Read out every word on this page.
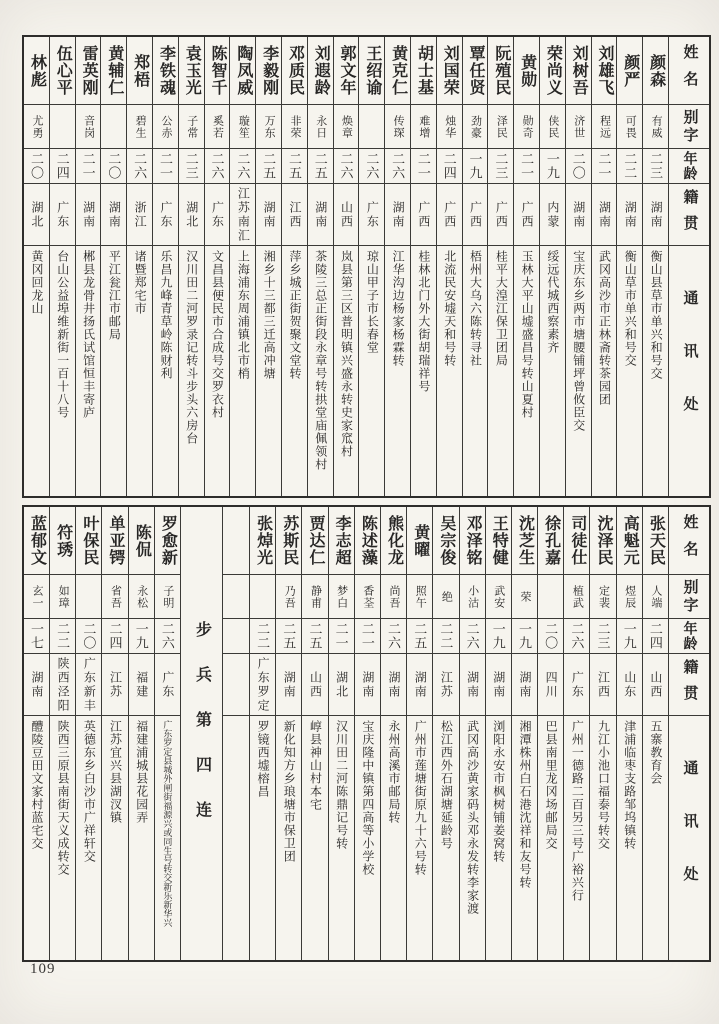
姓名
别字
年龄
籍贯
通讯处
颜森
有威
二三
湖南
衡山县草市单兴和号交
颜严
可畏
二二
湖南
衡山草市单兴和号交
刘雄飞
程远
二一
湖南
武冈高沙市正林斋转茶园团
刘树吾
济世
二〇
湖南
宝庆东乡两市塘腰铺坪曾攸臣交
荣尚义
侠民
一九
内蒙
绥远代城西察素齐
黄勋
勋奇
二一
广西
玉林大平山墟盛昌号转山夏村
阮殖民
泽民
二三
广西
桂平大湟江保卫团局
覃任贤
劲豪
一九
广西
梧州大乌六陈转寻社
刘国荣
烛华
二四
广西
北流民安墟天和号转
胡士基
难增
二一
广西
桂林北门外大街胡瑞祥号
黄克仁
传琛
二六
湖南
江华沟边杨家杨霖转
王绍谕
二六
广东
琼山甲子市长春堂
郭文年
焕章
二六
山西
岚县第三区普明镇兴盛永转史家窊村
刘遐龄
永日
二五
湖南
茶陵三总正街段永章号转拱堂庙佩领村
邓质民
非荣
二五
江西
萍乡城正街贺聚文堂转
李毅刚
万东
二五
湖南
湘乡十三都三迁高冲塘
陶凤威
璇笙
二六
江苏南汇
上海浦东周浦镇北市梢
陈智千
奚若
二六
广东
文昌县便民市合成号交罗衣村
袁玉光
子常
二三
湖北
汉川田二河罗录记转斗步头六房台
李铁魂
公赤
二一
广东
乐昌九峰青草岭陈财利
郑梧
碧生
二六
浙江
诸暨郑宅市
黄辅仁
二〇
湖南
平江瓮江市邮局
雷英刚
音岗
二一
湖南
郴县龙骨井扬氏试馆恒丰寄庐
伍心平
二四
广东
台山公益埠维新街一百十八号
林彪
尤勇
二〇
湖北
黄冈回龙山
姓名
别字
年龄
籍贯
通讯处
张天民
人端
二四
山西
五寨教育会
高魁元
煜辰
一九
山东
津浦临枣支路邹坞镇转
沈泽民
定裴
二三
江西
九江小池口福泰号转交
司徒仕
植武
二六
广东
广州一德路二百另三号广裕兴行
徐孔嘉
二〇
四川
巴县南里龙冈场邮局交
沈芝生
荣
一九
湖南
湘潭株州白石港沈祥和友号转
王特健
武安
一九
湖南
浏阳永安市枫树铺姜窝转
邓泽铭
小沽
二六
湖南
武冈高沙黄家码头邓永发转李家渡
吴宗俊
绝
二二
江苏
松江西外石湖塘延龄号
黄曜
照午
二五
湖南
广州市莲塘街原九十六号转
熊化龙
尚吾
二六
湖南
永州高溪市邮局转
陈述藻
香荃
二一
湖南
宝庆隆中镇第四高等小学校
李志超
梦白
二一
湖北
汉川田二河陈鼎记号转
贾达仁
静甫
二五
山西
崞县神山村本宅
苏斯民
乃吾
二五
湖南
新化知方乡琅塘市保卫团
张焯光
二二
广东罗定
罗镜西墟榕昌
步兵第四连
罗愈新
子明
二六
广东
广东罗定县城外闸街福源兴或同生号转交新乐新华兴
陈侃
永松
一九
福建
福建浦城县花园弄
单亚锷
省吾
二四
江苏
江苏宜兴县湖汊镇
叶保民
二〇
广东新丰
英德东乡白沙市广祥轩交
符琇
如璋
二二
陕西泾阳
陕西三原县南街天义成转交
蓝郁文
玄一
一七
湖南
醴陵豆田文家村蓝宅交
109
